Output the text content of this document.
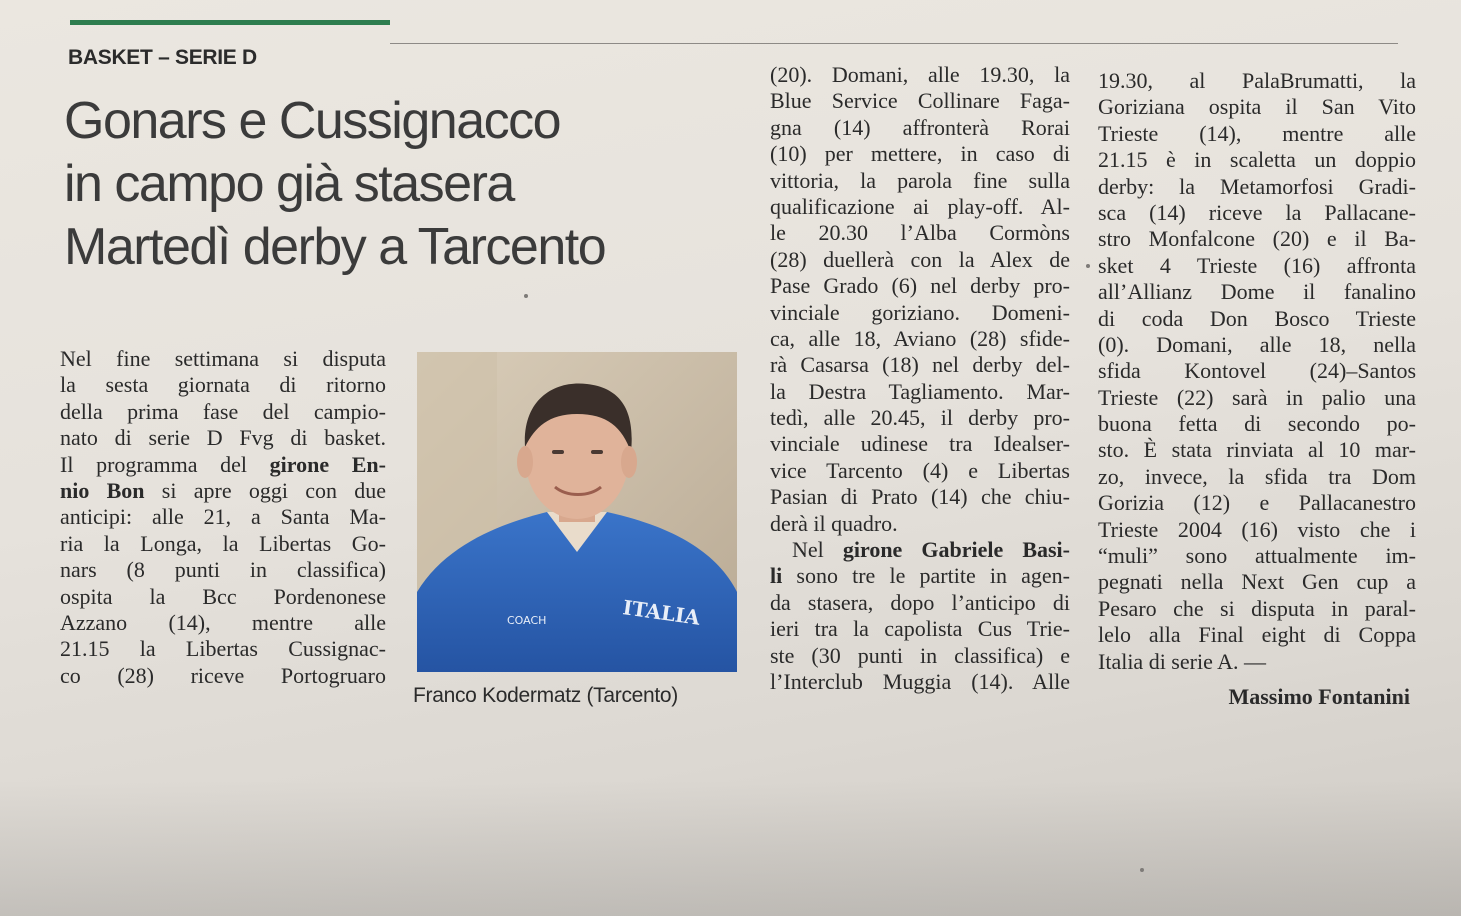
BASKET – SERIE D
Gonars e Cussignacco
in campo già stasera
Martedì derby a Tarcento
Nel fine settimana si disputa
la sesta giornata di ritorno
della prima fase del campio-
nato di serie D Fvg di basket.
Il programma del girone En-
nio Bon si apre oggi con due
anticipi: alle 21, a Santa Ma-
ria la Longa, la Libertas Go-
nars (8 punti in classifica)
ospita la Bcc Pordenonese
Azzano (14), mentre alle
21.15 la Libertas Cussignac-
co (28) riceve Portogruaro
ITALIA
COACH
Franco Kodermatz (Tarcento)
(20). Domani, alle 19.30, la
Blue Service Collinare Faga-
gna (14) affronterà Rorai
(10) per mettere, in caso di
vittoria, la parola fine sulla
qualificazione ai play-off. Al-
le 20.30 l’Alba Cormòns
(28) duellerà con la Alex de
Pase Grado (6) nel derby pro-
vinciale goriziano. Domeni-
ca, alle 18, Aviano (28) sfide-
rà Casarsa (18) nel derby del-
la Destra Tagliamento. Mar-
tedì, alle 20.45, il derby pro-
vinciale udinese tra Idealser-
vice Tarcento (4) e Libertas
Pasian di Prato (14) che chiu-
derà il quadro.
Nel girone Gabriele Basi-
li sono tre le partite in agen-
da stasera, dopo l’anticipo di
ieri tra la capolista Cus Trie-
ste (30 punti in classifica) e
l’Interclub Muggia (14). Alle
19.30, al PalaBrumatti, la
Goriziana ospita il San Vito
Trieste (14), mentre alle
21.15 è in scaletta un doppio
derby: la Metamorfosi Gradi-
sca (14) riceve la Pallacane-
stro Monfalcone (20) e il Ba-
sket 4 Trieste (16) affronta
all’Allianz Dome il fanalino
di coda Don Bosco Trieste
(0). Domani, alle 18, nella
sfida Kontovel (24)–Santos
Trieste (22) sarà in palio una
buona fetta di secondo po-
sto. È stata rinviata al 10 mar-
zo, invece, la sfida tra Dom
Gorizia (12) e Pallacanestro
Trieste 2004 (16) visto che i
“muli” sono attualmente im-
pegnati nella Next Gen cup a
Pesaro che si disputa in paral-
lelo alla Final eight di Coppa
Italia di serie A. —
Massimo Fontanini
